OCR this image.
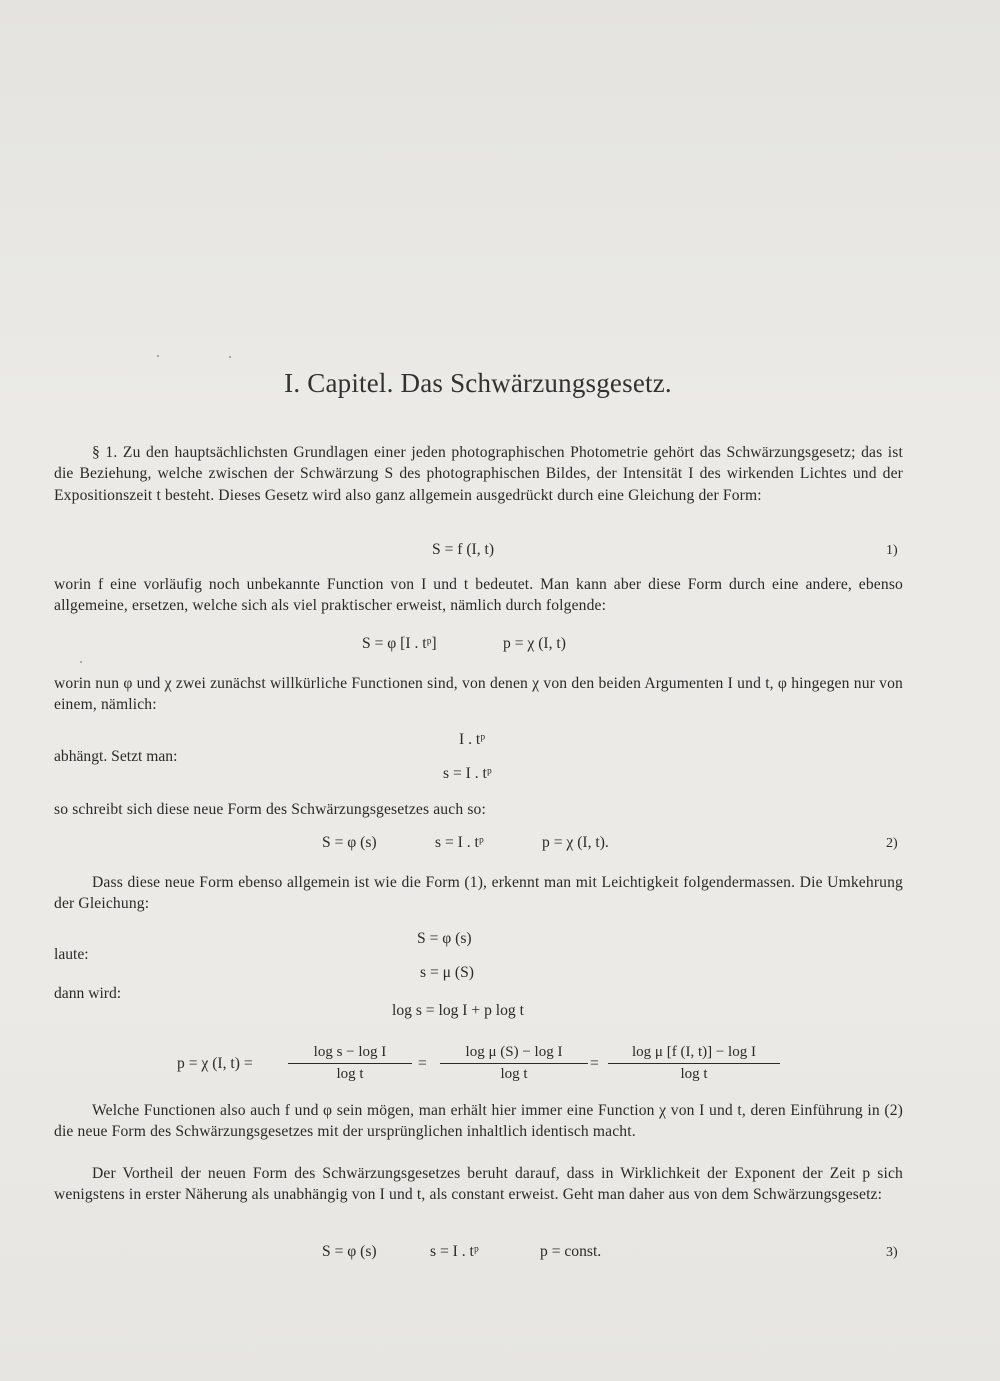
I. Capitel. Das Schwärzungsgesetz.
§ 1. Zu den hauptsächlichsten Grundlagen einer jeden photographischen Photometrie gehört das Schwärzungsgesetz; das ist die Beziehung, welche zwischen der Schwärzung S des photographischen Bildes, der Intensität I des wirkenden Lichtes und der Expositionszeit t besteht. Dieses Gesetz wird also ganz allgemein ausgedrückt durch eine Gleichung der Form:
S = f (I, t)	1)
worin f eine vorläufig noch unbekannte Function von I und t bedeutet. Man kann aber diese Form durch eine andere, ebenso allgemeine, ersetzen, welche sich als viel praktischer erweist, nämlich durch folgende:
S = φ [I . tᵖ]	p = χ (I, t)
worin nun φ und χ zwei zunächst willkürliche Functionen sind, von denen χ von den beiden Argumenten I und t, φ hingegen nur von einem, nämlich:
I . tᵖ
abhängt. Setzt man:
s = I . tᵖ
so schreibt sich diese neue Form des Schwärzungsgesetzes auch so:
S = φ (s)	s = I . tᵖ	p = χ (I, t).	2)
Dass diese neue Form ebenso allgemein ist wie die Form (1), erkennt man mit Leichtigkeit folgendermassen. Die Umkehrung der Gleichung:
S = φ (s)
laute:
s = μ (S)
dann wird:
log s = log I + p log t
p = χ (I, $t) = \frac{\text{log s − log I}}{\text{log t}} = \frac{\text{log μ (S) − log I}}{\text{log t}} = \frac{\text{log μ [f (I, t)] − log I}}{\text{log t}}$
Welche Functionen also auch f und φ sein mögen, man erhält hier immer eine Function χ von I und t, deren Einführung in (2) die neue Form des Schwärzungsgesetzes mit der ursprünglichen inhaltlich identisch macht.
Der Vortheil der neuen Form des Schwärzungsgesetzes beruht darauf, dass in Wirklichkeit der Exponent der Zeit p sich wenigstens in erster Näherung als unabhängig von I und t, als constant erweist. Geht man daher aus von dem Schwärzungsgesetz:
S = φ (s)	s = I . tᵖ	p = const.	3)
